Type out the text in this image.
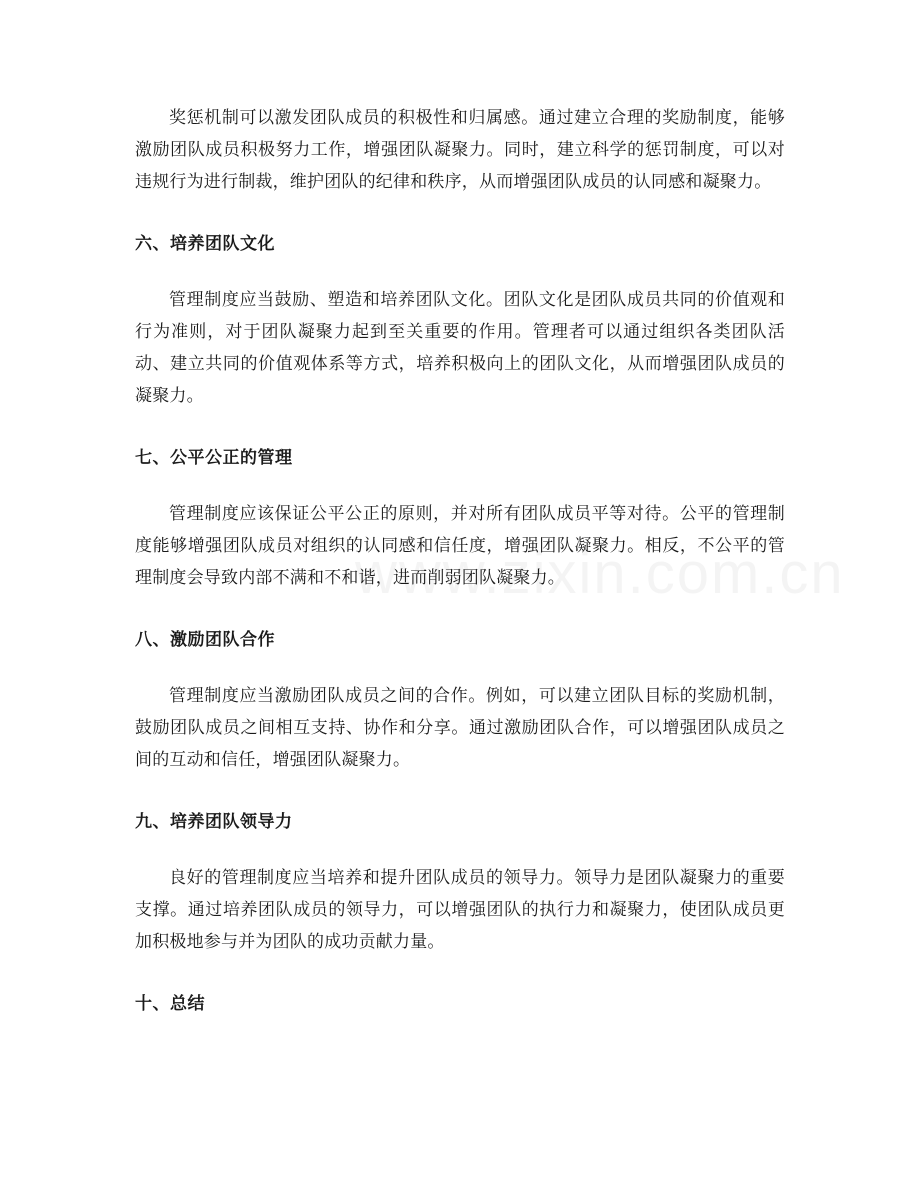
奖惩机制可以激发团队成员的积极性和归属感。通过建立合理的奖励制度，能够激励团队成员积极努力工作，增强团队凝聚力。同时，建立科学的惩罚制度，可以对违规行为进行制裁，维护团队的纪律和秩序，从而增强团队成员的认同感和凝聚力。

六、培养团队文化

管理制度应当鼓励、塑造和培养团队文化。团队文化是团队成员共同的价值观和行为准则，对于团队凝聚力起到至关重要的作用。管理者可以通过组织各类团队活动、建立共同的价值观体系等方式，培养积极向上的团队文化，从而增强团队成员的凝聚力。

七、公平公正的管理

管理制度应该保证公平公正的原则，并对所有团队成员平等对待。公平的管理制度能够增强团队成员对组织的认同感和信任度，增强团队凝聚力。相反，不公平的管理制度会导致内部不满和不和谐，进而削弱团队凝聚力。

八、激励团队合作

管理制度应当激励团队成员之间的合作。例如，可以建立团队目标的奖励机制，鼓励团队成员之间相互支持、协作和分享。通过激励团队合作，可以增强团队成员之间的互动和信任，增强团队凝聚力。

九、培养团队领导力

良好的管理制度应当培养和提升团队成员的领导力。领导力是团队凝聚力的重要支撑。通过培养团队成员的领导力，可以增强团队的执行力和凝聚力，使团队成员更加积极地参与并为团队的成功贡献力量。

十、总结
